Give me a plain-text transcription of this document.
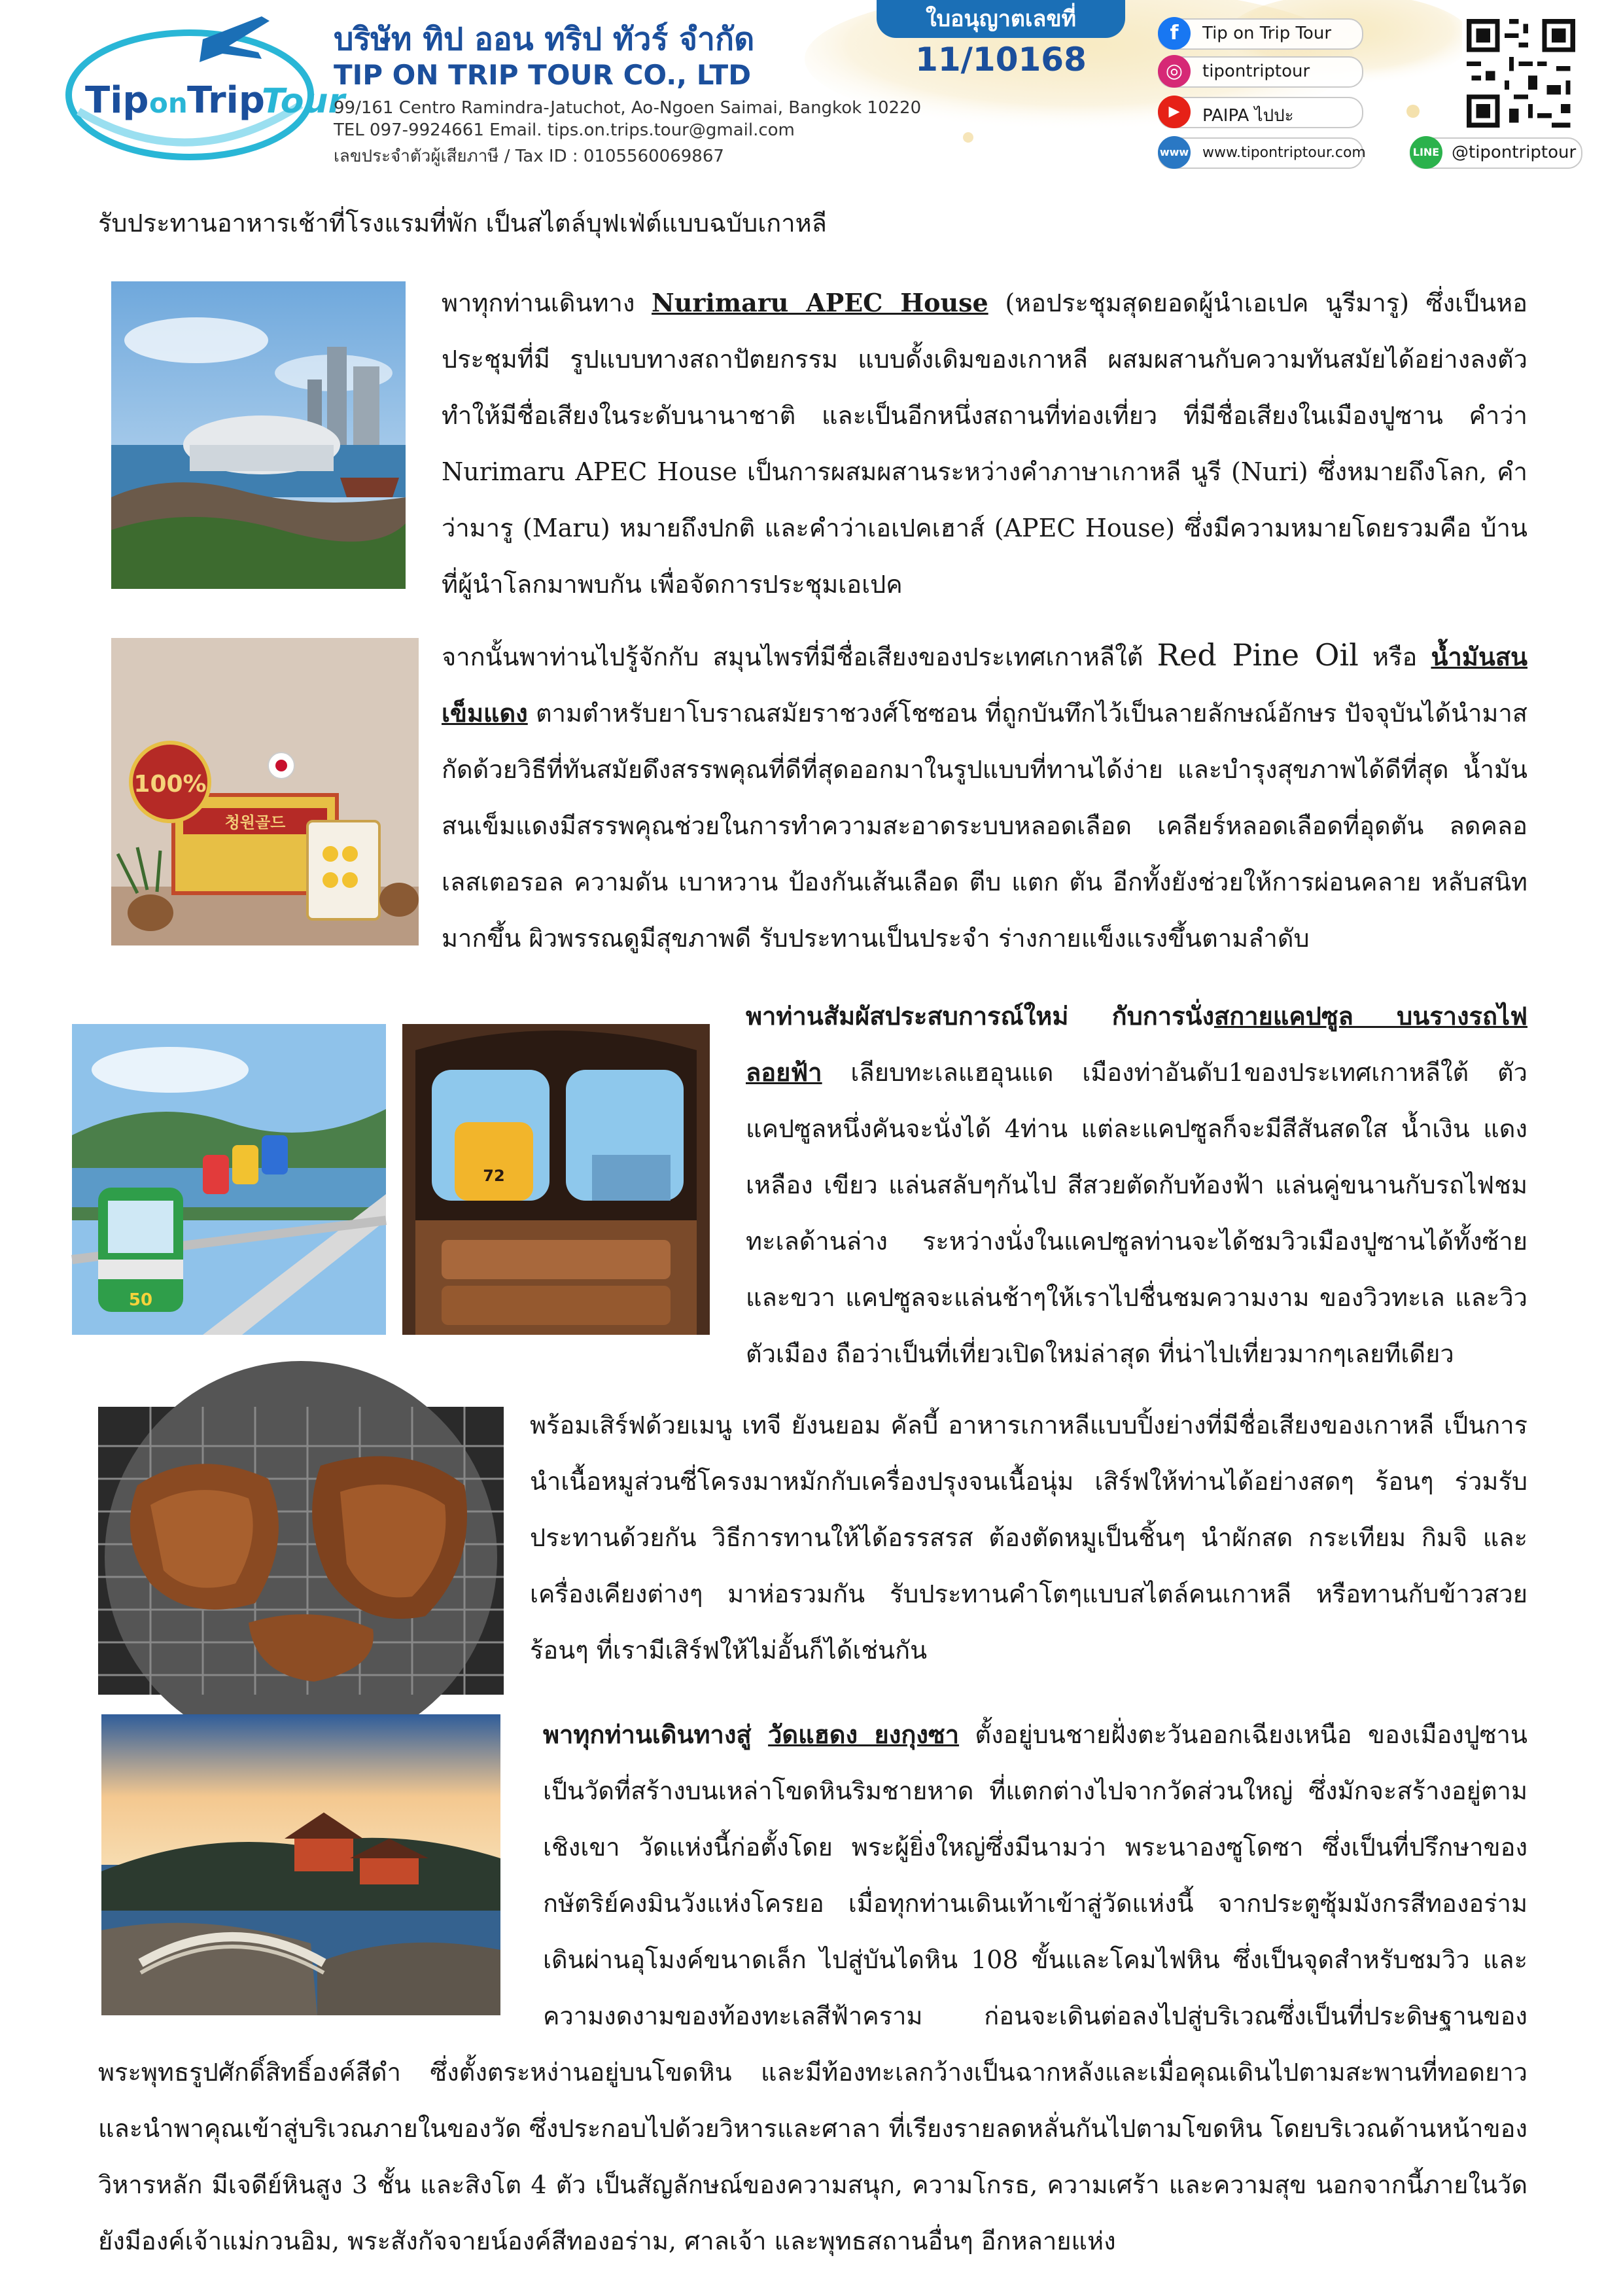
Tip on Trip
Tour
บริษัท ทิป ออน ทริป ทัวร์ จำกัด
TIP ON TRIP TOUR CO., LTD
99/161 Centro Ramindra-Jatuchot, Ao-Ngoen Saimai, Bangkok 10220
TEL 097-9924661 Email. tips.on.trips.tour@gmail.com
เลขประจำตัวผู้เสียภาษี / Tax ID : 0105560069867
ใบอนุญาตเลขที่
11/10168
f	Tip on Trip Tour
◎	tipontriptour
▶	PAIPA ไปปะ
www www.tipontriptour.com	LINE @tipontriptour
รับประทานอาหารเช้าที่โรงแรมที่พัก เป็นสไตล์บุฟเฟ่ต์แบบฉบับเกาหลี
พาทุกท่านเดินทาง Nurimaru APEC House (หอประชุมสุดยอดผู้นำเอเปค นูรีมารู) ซึ่งเป็นหอประชุมที่มี รูปแบบทางสถาปัตยกรรม แบบดั้งเดิมของเกาหลี ผสมผสานกับความทันสมัยได้อย่างลงตัว ทำให้มีชื่อเสียงในระดับนานาชาติ และเป็นอีกหนึ่งสถานที่ท่องเที่ยว ที่มีชื่อเสียงในเมืองปูซาน คำว่า Nurimaru APEC House เป็นการผสมผสานระหว่างคำภาษาเกาหลี นูรี (Nuri) ซึ่งหมายถึงโลก, คำว่ามารู (Maru) หมายถึงปกติ และคำว่าเอเปคเฮาส์ (APEC House) ซึ่งมีความหมายโดยรวมคือ บ้านที่ผู้นำโลกมาพบกัน เพื่อจัดการประชุมเอเปค
청원골드
100%
จากนั้นพาท่านไปรู้จักกับ สมุนไพรที่มีชื่อเสียงของประเทศเกาหลีใต้ Red Pine Oil หรือ น้ำมันสนเข็มแดง ตามตำหรับยาโบราณสมัยราชวงศ์โชซอน ที่ถูกบันทึกไว้เป็นลายลักษณ์อักษร ปัจจุบันได้นำมาสกัดด้วยวิธีที่ทันสมัยดึงสรรพคุณที่ดีที่สุดออกมาในรูปแบบที่ทานได้ง่าย และบำรุงสุขภาพได้ดีที่สุด น้ำมันสนเข็มแดงมีสรรพคุณช่วยในการทำความสะอาดระบบหลอดเลือด เคลียร์หลอดเลือดที่อุดตัน ลดคลอเลสเตอรอล ความดัน เบาหวาน ป้องกันเส้นเลือด ตีบ แตก ตัน อีกทั้งยังช่วยให้การผ่อนคลาย หลับสนิทมากขึ้น ผิวพรรณดูมีสุขภาพดี รับประทานเป็นประจำ ร่างกายแข็งแรงขึ้นตามลำดับ
50
72
พาท่านสัมผัสประสบการณ์ใหม่ กับการนั่งสกายแคปซูล บนรางรถไฟลอยฟ้า เลียบทะเลแฮอุนแด เมืองท่าอันดับ1ของประเทศเกาหลีใต้ ตัวแคปซูลหนึ่งคันจะนั่งได้ 4ท่าน แต่ละแคปซูลก็จะมีสีสันสดใส น้ำเงิน แดง เหลือง เขียว แล่นสลับๆกันไป สีสวยตัดกับท้องฟ้า แล่นคู่ขนานกับรถไฟชมทะเลด้านล่าง ระหว่างนั่งในแคปซูลท่านจะได้ชมวิวเมืองปูซานได้ทั้งซ้ายและขวา แคปซูลจะแล่นช้าๆให้เราไปชื่นชมความงาม ของวิวทะเล และวิวตัวเมือง ถือว่าเป็นที่เที่ยวเปิดใหม่ล่าสุด ที่น่าไปเที่ยวมากๆเลยทีเดียว
พร้อมเสิร์ฟด้วยเมนู เทจี ยังนยอม คัลบี้ อาหารเกาหลีแบบปิ้งย่างที่มีชื่อเสียงของเกาหลี เป็นการนำเนื้อหมูส่วนซี่โครงมาหมักกับเครื่องปรุงจนเนื้อนุ่ม เสิร์ฟให้ท่านได้อย่างสดๆ ร้อนๆ ร่วมรับประทานด้วยกัน วิธีการทานให้ได้อรรสรส ต้องตัดหมูเป็นชิ้นๆ นำผักสด กระเทียม กิมจิ และเครื่องเคียงต่างๆ มาห่อรวมกัน รับประทานคำโตๆแบบสไตล์คนเกาหลี หรือทานกับข้าวสวยร้อนๆ ที่เรามีเสิร์ฟให้ไม่อั้นก็ได้เช่นกัน
พาทุกท่านเดินทางสู่ วัดแฮดง ยงกุงซา ตั้งอยู่บนชายฝั่งตะวันออกเฉียงเหนือ ของเมืองปูซาน เป็นวัดที่สร้างบนเหล่าโขดหินริมชายหาด ที่แตกต่างไปจากวัดส่วนใหญ่ ซึ่งมักจะสร้างอยู่ตามเชิงเขา วัดแห่งนี้ก่อตั้งโดย พระผู้ยิ่งใหญ่ซึ่งมีนามว่า พระนาองซูโดซา ซึ่งเป็นที่ปรึกษาของกษัตริย์คงมินวังแห่งโครยอ เมื่อทุกท่านเดินเท้าเข้าสู่วัดแห่งนี้ จากประตูซุ้มมังกรสีทองอร่าม เดินผ่านอุโมงค์ขนาดเล็ก ไปสู่บันไดหิน 108 ขั้นและโคมไฟหิน ซึ่งเป็นจุดสำหรับชมวิว และความงดงามของท้องทะเลสีฟ้าคราม ก่อนจะเดินต่อลงไปสู่บริเวณซึ่งเป็นที่ประดิษฐานของ พระพุทธรูปศักดิ์สิทธิ์องค์สีดำ ซึ่งตั้งตระหง่านอยู่บนโขดหิน และมีท้องทะเลกว้างเป็นฉากหลังและเมื่อคุณเดินไปตามสะพานที่ทอดยาว และนำพาคุณเข้าสู่บริเวณภายในของวัด ซึ่งประกอบไปด้วยวิหารและศาลา ที่เรียงรายลดหลั่นกันไปตามโขดหิน โดยบริเวณด้านหน้าของวิหารหลัก มีเจดีย์หินสูง 3 ชั้น และสิงโต 4 ตัว เป็นสัญลักษณ์ของความสนุก, ความโกรธ, ความเศร้า และความสุข นอกจากนี้ภายในวัด ยังมีองค์เจ้าแม่กวนอิม, พระสังกัจจายน์องค์สีทองอร่าม, ศาลเจ้า และพุทธสถานอื่นๆ อีกหลายแห่ง
